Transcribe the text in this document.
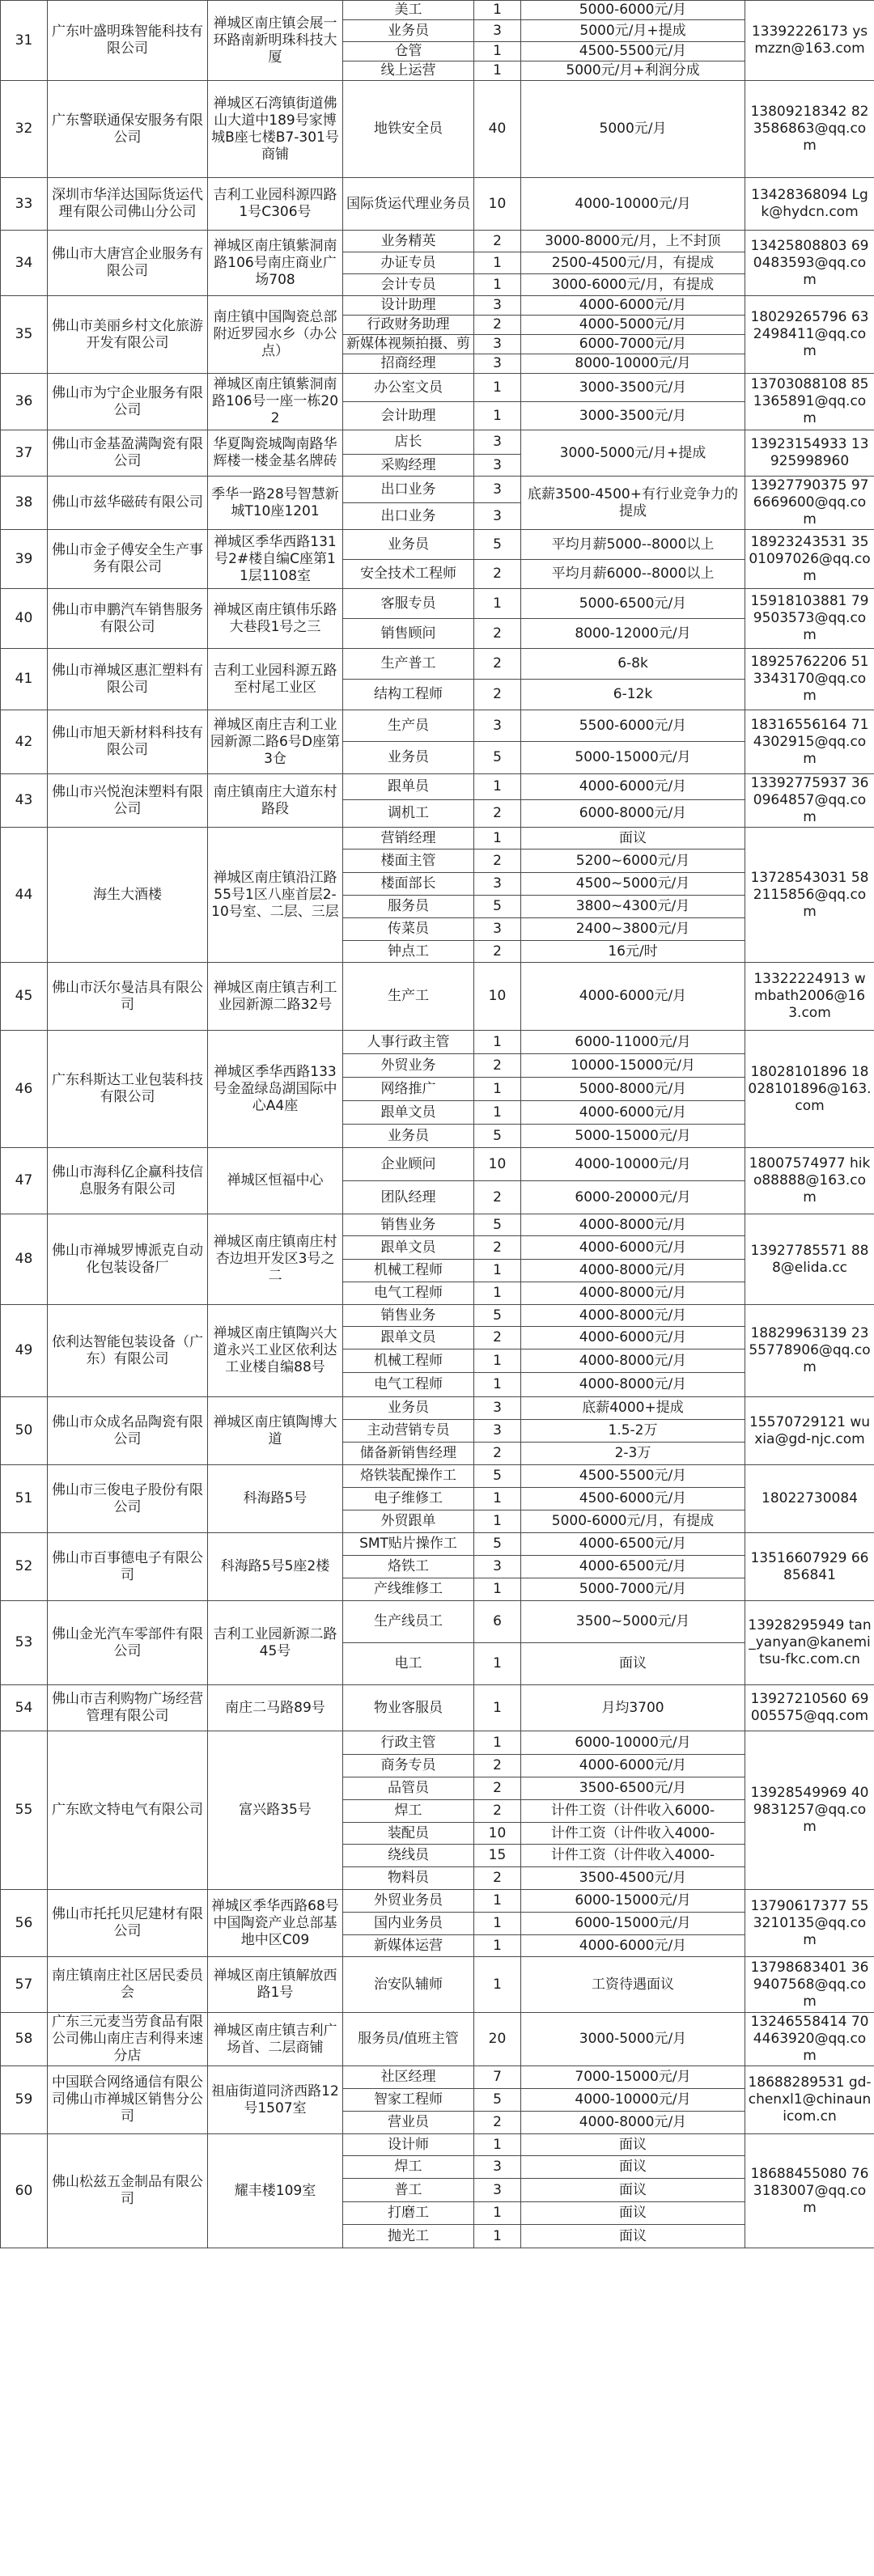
31	广东叶盛明珠智能科技有限公司	禅城区南庄镇会展一环路南新明珠科技大厦	美工	1	5000-6000元/月	13392226173 ysmzzn@163.com
			业务员	3	5000元/月+提成	
			仓管	1	4500-5500元/月	
			线上运营	1	5000元/月+利润分成	
32	广东警联通保安服务有限公司	禅城区石湾镇街道佛山大道中189号家博城B座七楼B7-301号商铺	地铁安全员	40	5000元/月	13809218342 823586863@qq.com
33	深圳市华洋达国际货运代理有限公司佛山分公司	吉利工业园科源四路1号C306号	国际货运代理业务员	10	4000-10000元/月	13428368094 Lgk@hydcn.com
34	佛山市大唐宫企业服务有限公司	禅城区南庄镇紫洞南路106号南庄商业广场708	业务精英	2	3000-8000元/月，上不封顶	13425808803 690483593@qq.com
			办证专员	1	2500-4500元/月，有提成	
			会计专员	1	3000-6000元/月，有提成	
35	佛山市美丽乡村文化旅游开发有限公司	南庄镇中国陶瓷总部附近罗园水乡（办公点）	设计助理	3	4000-6000元/月	18029265796 632498411@qq.com
			行政财务助理	2	4000-5000元/月	
			新媒体视频拍摄、剪	3	6000-7000元/月	
			招商经理	3	8000-10000元/月	
36	佛山市为宁企业服务有限公司	禅城区南庄镇紫洞南路106号一座一栋202	办公室文员	1	3000-3500元/月	13703088108 851365891@qq.com
			会计助理	1	3000-3500元/月	
37	佛山市金基盈满陶瓷有限公司	华夏陶瓷城陶南路华辉楼一楼金基名牌砖	店长	3	3000-5000元/月+提成	13923154933 13925998960
			采购经理	3		
38	佛山市兹华磁砖有限公司	季华一路28号智慧新城T10座1201	出口业务	3	底薪3500-4500+有行业竞争力的提成	13927790375 976669600@qq.com
			出口业务	3		
39	佛山市金子傅安全生产事务有限公司	禅城区季华西路131号2#楼自编C座第11层1108室	业务员	5	平均月薪5000--8000以上	18923243531 3501097026@qq.com
			安全技术工程师	2	平均月薪6000--8000以上	
40	佛山市申鹏汽车销售服务有限公司	禅城区南庄镇伟乐路大巷段1号之三	客服专员	1	5000-6500元/月	15918103881 799503573@qq.com
			销售顾问	2	8000-12000元/月	
41	佛山市禅城区惠汇塑料有限公司	吉利工业园科源五路至村尾工业区	生产普工	2	6-8k	18925762206 513343170@qq.com
			结构工程师	2	6-12k	
42	佛山市旭天新材料科技有限公司	禅城区南庄吉利工业园新源二路6号D座第3仓	生产员	3	5500-6000元/月	18316556164 714302915@qq.com
			业务员	5	5000-15000元/月	
43	佛山市兴悦泡沫塑料有限公司	南庄镇南庄大道东村路段	跟单员	1	4000-6000元/月	13392775937 360964857@qq.com
			调机工	2	6000-8000元/月	
44	海生大酒楼	禅城区南庄镇沿江路55号1区八座首层2-10号室、二层、三层	营销经理	1	面议	13728543031 582115856@qq.com
			楼面主管	2	5200~6000元/月	
			楼面部长	3	4500~5000元/月	
			服务员	5	3800~4300元/月	
			传菜员	3	2400~3800元/月	
			钟点工	2	16元/时	
45	佛山市沃尔曼洁具有限公司	禅城区南庄镇吉利工业园新源二路32号	生产工	10	4000-6000元/月	13322224913 wmbath2006@163.com
46	广东科斯达工业包装科技有限公司	禅城区季华西路133号金盈绿岛湖国际中心A4座	人事行政主管	1	6000-11000元/月	18028101896 18028101896@163.com
			外贸业务	2	10000-15000元/月	
			网络推广	1	5000-8000元/月	
			跟单文员	1	4000-6000元/月	
			业务员	5	5000-15000元/月	
47	佛山市海科亿企赢科技信息服务有限公司	禅城区恒福中心	企业顾问	10	4000-10000元/月	18007574977 hiko88888@163.com
			团队经理	2	6000-20000元/月	
48	佛山市禅城罗博派克自动化包装设备厂	禅城区南庄镇南庄村杏边坦开发区3号之二	销售业务	5	4000-8000元/月	13927785571 888@elida.cc
			跟单文员	2	4000-6000元/月	
			机械工程师	1	4000-8000元/月	
			电气工程师	1	4000-8000元/月	
49	依利达智能包装设备（广东）有限公司	禅城区南庄镇陶兴大道永兴工业区依利达工业楼自编88号	销售业务	5	4000-8000元/月	18829963139 2355778906@qq.com
			跟单文员	2	4000-6000元/月	
			机械工程师	1	4000-8000元/月	
			电气工程师	1	4000-8000元/月	
50	佛山市众成名品陶瓷有限公司	禅城区南庄镇陶博大道	业务员	3	底薪4000+提成	15570729121 wuxia@gd-njc.com
			主动营销专员	3	1.5-2万	
			储备新销售经理	2	2-3万	
51	佛山市三俊电子股份有限公司	科海路5号	烙铁装配操作工	5	4500-5500元/月	18022730084
			电子维修工	1	4500-6000元/月	
			外贸跟单	1	5000-6000元/月，有提成	
52	佛山市百事德电子有限公司	科海路5号5座2楼	SMT贴片操作工	5	4000-6500元/月	13516607929 66856841
			烙铁工	3	4000-6500元/月	
			产线维修工	1	5000-7000元/月	
53	佛山金光汽车零部件有限公司	吉利工业园新源二路45号	生产线员工	6	3500~5000元/月	13928295949 tan_yanyan@kanemitsu-fkc.com.cn
			电工	1	面议	
54	佛山市吉利购物广场经营管理有限公司	南庄二马路89号	物业客服员	1	月均3700	13927210560 69005575@qq.com
55	广东欧文特电气有限公司	富兴路35号	行政主管	1	6000-10000元/月	13928549969 409831257@qq.com
			商务专员	2	4000-6000元/月	
			品管员	2	3500-6500元/月	
			焊工	2	计件工资（计件收入6000-	
			装配员	10	计件工资（计件收入4000-	
			绕线员	15	计件工资（计件收入4000-	
			物料员	2	3500-4500元/月	
56	佛山市托托贝尼建材有限公司	禅城区季华西路68号中国陶瓷产业总部基地中区C09	外贸业务员	1	6000-15000元/月	13790617377 553210135@qq.com
			国内业务员	1	6000-15000元/月	
			新媒体运营	1	4000-6000元/月	
57	南庄镇南庄社区居民委员会	禅城区南庄镇解放西路1号	治安队辅师	1	工资待遇面议	13798683401 369407568@qq.com
58	广东三元麦当劳食品有限公司佛山南庄吉利得来速分店	禅城区南庄镇吉利广场首、二层商铺	服务员/值班主管	20	3000-5000元/月	13246558414 704463920@qq.com
59	中国联合网络通信有限公司佛山市禅城区销售分公司	祖庙街道同济西路12号1507室	社区经理	7	7000-15000元/月	18688289531 gd-chenxl1@chinaunicom.cn
			智家工程师	5	4000-10000元/月	
			营业员	2	4000-8000元/月	
60	佛山松兹五金制品有限公司	耀丰楼109室	设计师	1	面议	18688455080 763183007@qq.com
			焊工	3	面议	
			普工	3	面议	
			打磨工	1	面议	
			抛光工	1	面议	
